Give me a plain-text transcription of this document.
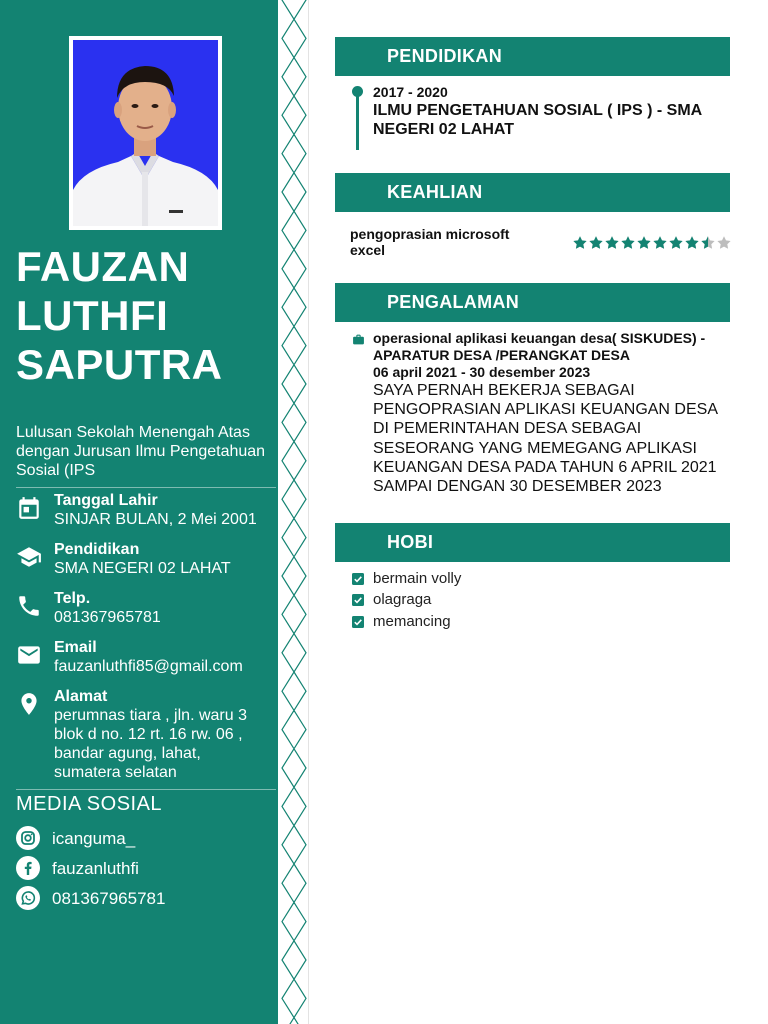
FAUZAN
LUTHFI
SAPUTRA
Lulusan Sekolah Menengah Atas dengan Jurusan Ilmu Pengetahuan Sosial (IPS
Tanggal Lahir
SINJAR BULAN, 2 Mei 2001
Pendidikan
SMA NEGERI 02 LAHAT
Telp.
081367965781
Email
fauzanluthfi85@gmail.com
Alamat
perumnas tiara , jln. waru 3
blok d no. 12 rt. 16 rw. 06 ,
bandar agung, lahat,
sumatera selatan
MEDIA SOSIAL
icanguma_
fauzanluthfi
081367965781
PENDIDIKAN
2017 - 2020
ILMU PENGETAHUAN SOSIAL ( IPS ) - SMA NEGERI 02 LAHAT
KEAHLIAN
pengoprasian microsoft excel
PENGALAMAN
operasional aplikasi keuangan desa( SISKUDES) - APARATUR DESA /PERANGKAT DESA
06 april 2021 - 30 desember 2023
SAYA PERNAH BEKERJA SEBAGAI PENGOPRASIAN APLIKASI KEUANGAN DESA DI PEMERINTAHAN DESA SEBAGAI SESEORANG YANG MEMEGANG APLIKASI KEUANGAN DESA PADA TAHUN 6 APRIL 2021 SAMPAI DENGAN 30 DESEMBER 2023
HOBI
bermain volly
olagraga
memancing
